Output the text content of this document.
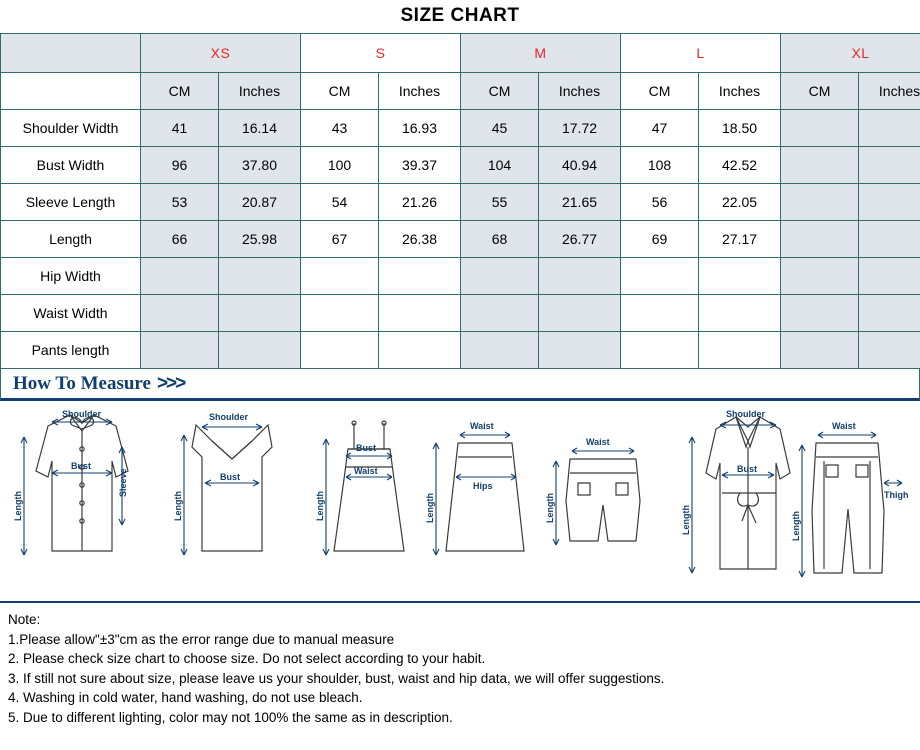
SIZE CHART
	XS		S		M		L		XL	
	CM	Inches	CM	Inches	CM	Inches	CM	Inches	CM	Inches
Shoulder Width	41	16.14	43	16.93	45	17.72	47	18.50		
Bust Width	96	37.80	100	39.37	104	40.94	108	42.52		
Sleeve Length	53	20.87	54	21.26	55	21.65	56	22.05		
Length	66	25.98	67	26.38	68	26.77	69	27.17		
Hip Width										
Waist Width										
Pants length										
How To Measure >>>
Shoulder
Bust
Sleeve
Length
Shoulder
Bust
Length
Bust
Waist
Length
Waist
Hips
Length
Waist
Length
Shoulder
Bust
Length
Waist
Thigh
Length
Note:
1.Please allow"±3"cm as the error range due to manual measure
2. Please check size chart to choose size. Do not select according to your habit.
3. If still not sure about size, please leave us your shoulder, bust, waist and hip data, we will offer suggestions.
4. Washing in cold water, hand washing, do not use bleach.
5. Due to different lighting, color may not 100% the same as in description.
